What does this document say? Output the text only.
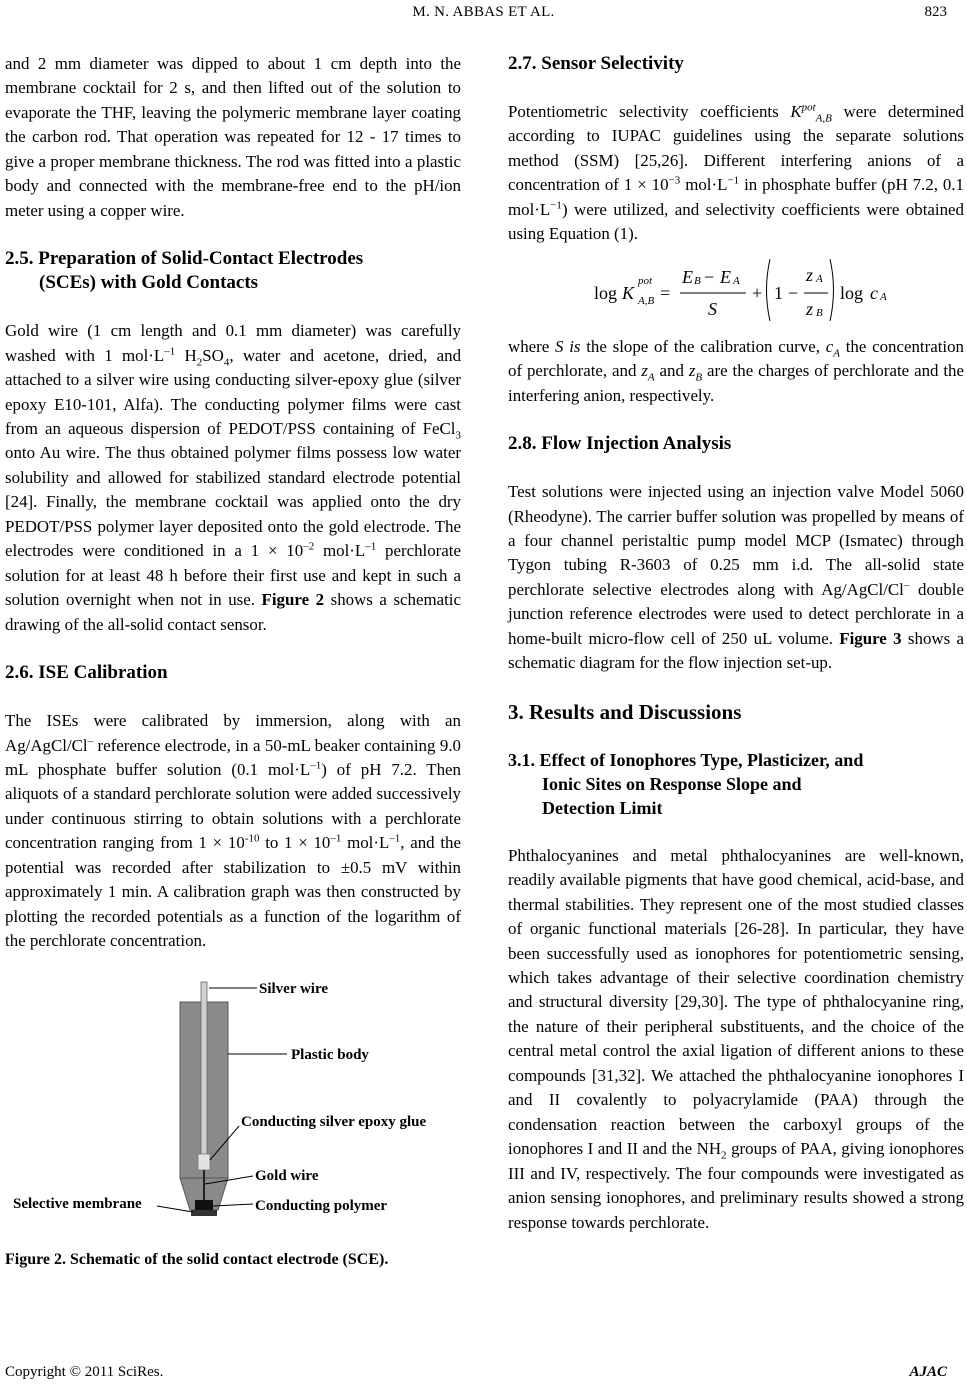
M. N. ABBAS ET AL.	823

and 2 mm diameter was dipped to about 1 cm depth into the membrane cocktail for 2 s, and then lifted out of the solution to evaporate the THF, leaving the polymeric membrane layer coating the carbon rod. That operation was repeated for 12 - 17 times to give a proper membrane thickness. The rod was fitted into a plastic body and connected with the membrane-free end to the pH/ion meter using a copper wire.

2.5. Preparation of Solid-Contact Electrodes
(SCEs) with Gold Contacts

Gold wire (1 cm length and 0.1 mm diameter) was carefully washed with 1 $mol\cdot L^{-1}$ $H_2SO_4$, water and acetone, dried, and attached to a silver wire using conducting silver-epoxy glue (silver epoxy E10-101, Alfa). The conducting polymer films were cast from an aqueous dispersion of PEDOT/PSS containing of FeCl$_3$ onto Au wire. The thus obtained polymer films possess low water solubility and allowed for stabilized standard electrode potential [24]. Finally, the membrane cocktail was applied onto the dry PEDOT/PSS polymer layer deposited onto the gold electrode. The electrodes were conditioned in a $1 \times 10^{-2}$ $mol\cdot L^{-1}$ perchlorate solution for at least 48 h before their first use and kept in such a solution overnight when not in use. Figure 2 shows a schematic drawing of the all-solid contact sensor.

2.6. ISE Calibration

The ISEs were calibrated by immersion, along with an Ag/AgCl/Cl– reference electrode, in a 50-mL beaker containing 9.0 mL phosphate buffer solution (0.1 $mol\cdot L^{-1}$) of pH 7.2. Then aliquots of a standard perchlorate solution were added successively under continuous stirring to obtain solutions with a perchlorate concentration ranging from $1 \times 10^{-10}$ to $1 \times 10^{-1}$ $mol\cdot L^{-1}$, and the potential was recorded after stabilization to ±0.5 mV within approximately 1 min. A calibration graph was then constructed by plotting the recorded potentials as a function of the logarithm of the perchlorate concentration.

Silver wire
Plastic body
Conducting silver epoxy glue
Gold wire
Selective membrane	Conducting polymer
Figure 2. Schematic of the solid contact electrode (SCE).
2.7. Sensor Selectivity

Potentiometric selectivity coefficients $K^{pot}_{A,B}$ were determined according to IUPAC guidelines using the separate solutions method (SSM) [25,26]. Different interfering anions of a concentration of $1 \times 10^{-3}$ $mol\cdot L^{-1}$ in phosphate buffer (pH 7.2, 0.1 $mol\cdot L^{-1}$) were utilized, and selectivity coefficients were obtained using Equation (1).

log K
pot
A,B =
E B − E A
S
+ 1 −
z A
z B
log c A

where S is the slope of the calibration curve, $c_A$ the concentration of perchlorate, and $z_A$ and $z_B$ are the charges of perchlorate and the interfering anion, respectively.

2.8. Flow Injection Analysis

Test solutions were injected using an injection valve Model 5060 (Rheodyne). The carrier buffer solution was propelled by means of a four channel peristaltic pump model MCP (Ismatec) through Tygon tubing R-3603 of 0.25 mm i.d. The all-solid state perchlorate selective electrodes along with Ag/AgCl/Cl– double junction reference electrodes were used to detect perchlorate in a home-built micro-flow cell of 250 uL volume. Figure 3 shows a schematic diagram for the flow injection set-up.

3. Results and Discussions
3.1. Effect of Ionophores Type, Plasticizer, and
Ionic Sites on Response Slope and
Detection Limit

Phthalocyanines and metal phthalocyanines are well-known, readily available pigments that have good chemical, acid-base, and thermal stabilities. They represent one of the most studied classes of organic functional materials [26-28]. In particular, they have been successfully used as ionophores for potentiometric sensing, which takes advantage of their selective coordination chemistry and structural diversity [29,30]. The type of phthalocyanine ring, the nature of their peripheral substituents, and the choice of the central metal control the axial ligation of different anions to these compounds [31,32]. We attached the phthalocyanine ionophores I and II covalently to polyacrylamide (PAA) through the condensation reaction between the carboxyl groups of the ionophores I and II and the $NH_2$ groups of PAA, giving ionophores III and IV, respectively. The four compounds were investigated as anion sensing ionophores, and preliminary results showed a strong response towards perchlorate.

Copyright © 2011 SciRes.	AJAC
